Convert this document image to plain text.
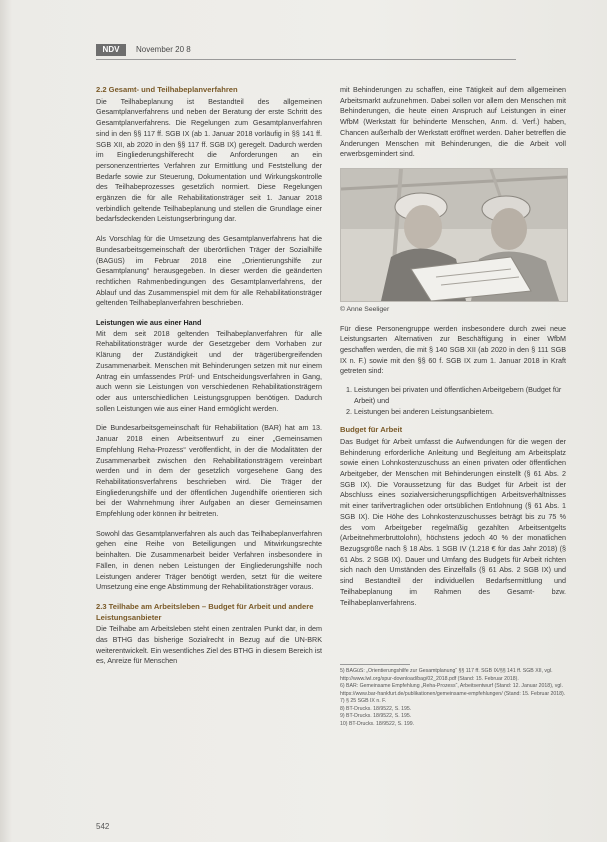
NDV	November 20 8
2.2 Gesamt- und Teilhabeplanverfahren

Die Teilhabeplanung ist Bestandteil des allgemeinen Gesamtplanverfahrens und neben der Beratung der erste Schritt des Gesamtplanverfahrens. Die Regelungen zum Gesamtplanverfahren sind in den §§ 117 ff. SGB IX (ab 1. Januar 2018 vorläufig in §§ 141 ff. SGB XII, ab 2020 in den §§ 117 ff. SGB IX) geregelt. Dadurch werden im Eingliederungshilferecht die Anforderungen an ein personenzentriertes Verfahren zur Ermittlung und Feststellung der Bedarfe sowie zur Steuerung, Dokumentation und Wirkungskontrolle des Teilhabeprozesses gesetzlich normiert. Diese Regelungen ergänzen die für alle Rehabilitationsträger seit 1. Januar 2018 verbindlich geltende Teilhabeplanung und stellen die Grundlage einer bedarfsdeckenden Leistungserbringung dar.

Als Vorschlag für die Umsetzung des Gesamtplanverfahrens hat die Bundesarbeitsgemeinschaft der überörtlichen Träger der Sozialhilfe (BAGüS) im Februar 2018 eine „Orientierungshilfe zur Gesamtplanung“ herausgegeben. In dieser werden die geänderten rechtlichen Rahmenbedingungen des Gesamtplanverfahrens, der Ablauf und das Zusammenspiel mit dem für alle Rehabilitationsträger geltenden Teilhabeplanverfahren beschrieben.

Leistungen wie aus einer Hand

Mit dem seit 2018 geltenden Teilhabeplanverfahren für alle Rehabilitationsträger wurde der Gesetzgeber dem Vorhaben zur Klärung der Zuständigkeit und der trägerübergreifenden Zusammenarbeit. Menschen mit Behinderungen setzen mit nur einem Antrag ein umfassendes Prüf- und Entscheidungsverfahren in Gang, auch wenn sie Leistungen von verschiedenen Rehabilitationsträgern oder aus unterschiedlichen Leistungsgruppen benötigen. Dadurch sollen Leistungen wie aus einer Hand ermöglicht werden.

Die Bundesarbeitsgemeinschaft für Rehabilitation (BAR) hat am 13. Januar 2018 einen Arbeitsentwurf zu einer „Gemeinsamen Empfehlung Reha-Prozess“ veröffentlicht, in der die Modalitäten der Zusammenarbeit zwischen den Rehabilitationsträgern vereinbart werden und in dem der gesetzlich vorgesehene Gang des Rehabilitationsverfahrens beschrieben wird. Die Träger der Eingliederungshilfe und der öffentlichen Jugendhilfe orientieren sich bei der Wahrnehmung ihrer Aufgaben an dieser Gemeinsamen Empfehlung oder können ihr beitreten.

Sowohl das Gesamtplanverfahren als auch das Teilhabeplanverfahren gehen eine Reihe von Beteiligungen und Mitwirkungsrechte beinhalten. Die Zusammenarbeit beider Verfahren insbesondere in Fällen, in denen neben Leistungen der Eingliederungshilfe noch Leistungen anderer Träger benötigt werden, setzt für die weitere Umsetzung eine enge Abstimmung der Rehabilitationsträger voraus.

2.3 Teilhabe am Arbeitsleben – Budget für Arbeit und andere Leistungsanbieter

Die Teilhabe am Arbeitsleben steht einen zentralen Punkt dar, in dem das BTHG das bisherige Sozialrecht in Bezug auf die UN-BRK weiterentwickelt. Ein wesentliches Ziel des BTHG in diesem Bereich ist es, Anreize für Menschen

mit Behinderungen zu schaffen, eine Tätigkeit auf dem allgemeinen Arbeitsmarkt aufzunehmen. Dabei sollen vor allem den Menschen mit Behinderungen, die heute einen Anspruch auf Leistungen in einer WfbM (Werkstatt für behinderte Menschen, Anm. d. Verf.) haben, Chancen außerhalb der Werkstatt eröffnet werden. Daher betreffen die Änderungen Menschen mit Behinderungen, die die Arbeit voll erwerbsgemindert sind.

© Anne Seeliger

Für diese Personengruppe werden insbesondere durch zwei neue Leistungsarten Alternativen zur Beschäftigung in einer WfbM geschaffen werden, die mit § 140 SGB XII (ab 2020 in den § 111 SGB IX n. F.) sowie mit den §§ 60 f. SGB IX zum 1. Januar 2018 in Kraft getreten sind:

1. Leistungen bei privaten und öffentlichen Arbeitgebern (Budget für Arbeit) und
2. Leistungen bei anderen Leistungsanbietern.
Budget für Arbeit

Das Budget für Arbeit umfasst die Aufwendungen für die wegen der Behinderung erforderliche Anleitung und Begleitung am Arbeitsplatz sowie einen Lohnkostenzuschuss an einen privaten oder öffentlichen Arbeitgeber, der Menschen mit Behinderungen einstellt (§ 61 Abs. 2 SGB IX). Die Voraussetzung für das Budget für Arbeit ist der Abschluss eines sozialversicherungspflichtigen Arbeitsverhältnisses mit einer tarifvertraglichen oder ortsüblichen Entlohnung (§ 61 Abs. 1 SGB IX). Die Höhe des Lohnkostenzuschusses beträgt bis zu 75 % des vom Arbeitgeber regelmäßig gezahlten Arbeitsentgelts (Arbeitnehmerbruttolohn), höchstens jedoch 40 % der monatlichen Bezugsgröße nach § 18 Abs. 1 SGB IV (1.218 € für das Jahr 2018) (§ 61 Abs. 2 SGB IX). Dauer und Umfang des Budgets für Arbeit richten sich nach den Umständen des Einzelfalls (§ 61 Abs. 2 SGB IX) und sind Bestandteil der individuellen Bedarfsermittlung und Teilhabeplanung im Rahmen des Gesamt- bzw. Teilhabeplanverfahrens.

5) BAGüS: „Orientierungshilfe zur Gesamtplanung“ §§ 117 ff. SGB IX/§§ 141 ff. SGB XII, vgl. http://www.lwl.org/spur-download/bag/02_2018.pdf (Stand: 15. Februar 2018).
6) BAR: Gemeinsame Empfehlung „Reha-Prozess“, Arbeitsentwurf (Stand: 12. Januar 2018), vgl. https://www.bar-frankfurt.de/publikationen/gemeinsame-empfehlungen/ (Stand: 15. Februar 2018).
7) § 25 SGB IX n. F.
8) BT-Drucks. 18/9522, S. 195.
9) BT-Drucks. 18/9522, S. 195.
10) BT-Drucks. 18/9522, S. 199.
542
